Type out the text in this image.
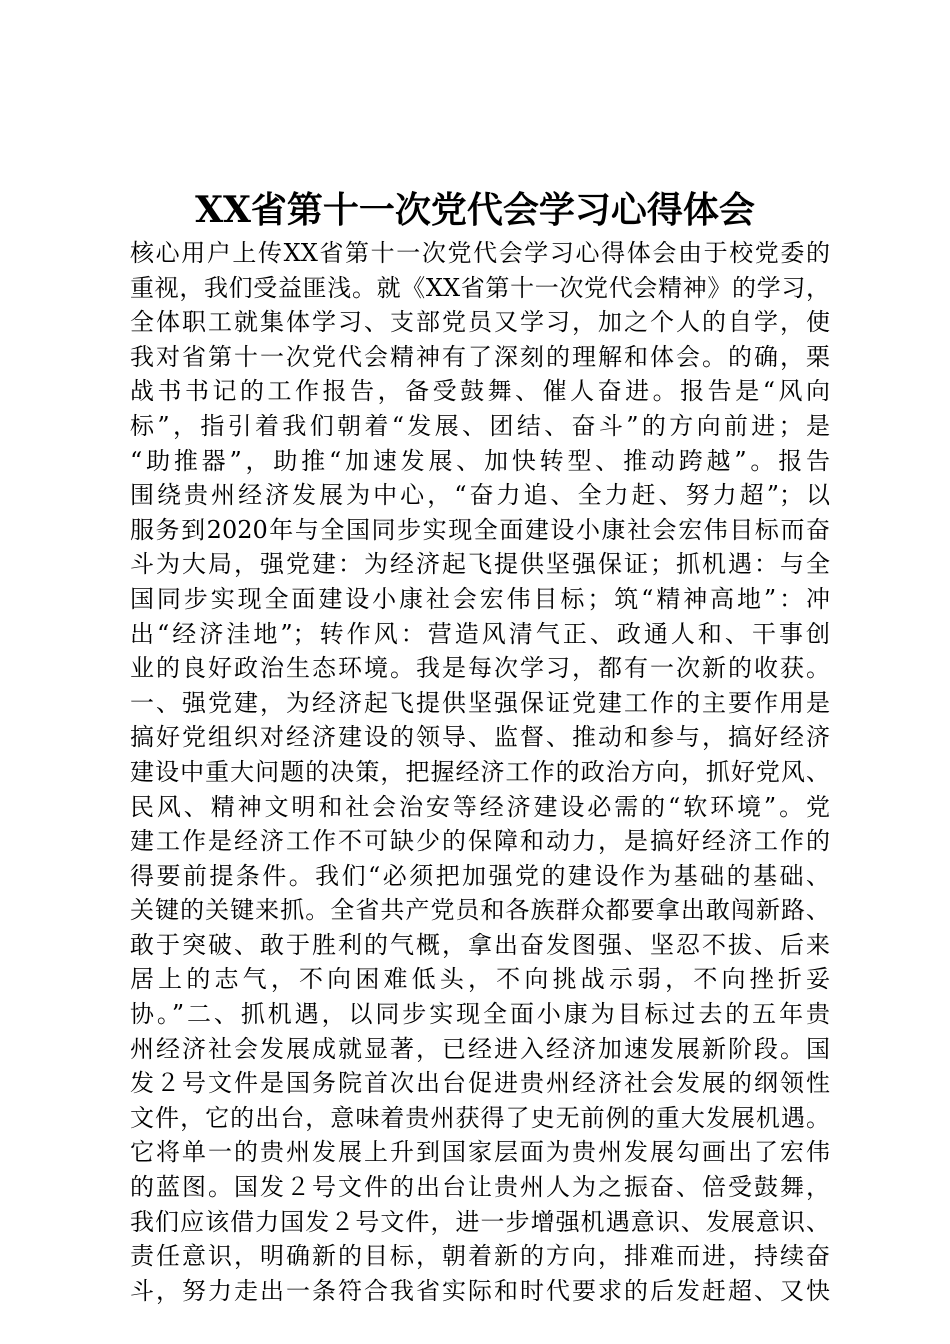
XX省第十一次党代会学习心得体会
核心用户上传XX省第十一次党代会学习心得体会由于校党委的
重视，我们受益匪浅。就《XX省第十一次党代会精神》的学习，
全体职工就集体学习、支部党员又学习，加之个人的自学，使
我对省第十一次党代会精神有了深刻的理解和体会。的确，栗
战书书记的工作报告，备受鼓舞、催人奋进。报告是“风向
标”，指引着我们朝着“发展、团结、奋斗”的方向前进；是
“助推器”，助推“加速发展、加快转型、推动跨越”。报告
围绕贵州经济发展为中心，“奋力追、全力赶、努力超”；以
服务到2020年与全国同步实现全面建设小康社会宏伟目标而奋
斗为大局，强党建：为经济起飞提供坚强保证；抓机遇：与全
国同步实现全面建设小康社会宏伟目标；筑“精神高地”：冲
出“经济洼地”；转作风：营造风清气正、政通人和、干事创
业的良好政治生态环境。我是每次学习，都有一次新的收获。
一、强党建，为经济起飞提供坚强保证党建工作的主要作用是
搞好党组织对经济建设的领导、监督、推动和参与，搞好经济
建设中重大问题的决策，把握经济工作的政治方向，抓好党风、
民风、精神文明和社会治安等经济建设必需的“软环境”。党
建工作是经济工作不可缺少的保障和动力，是搞好经济工作的
得要前提条件。我们“必须把加强党的建设作为基础的基础、
关键的关键来抓。全省共产党员和各族群众都要拿出敢闯新路、
敢于突破、敢于胜利的气概，拿出奋发图强、坚忍不拔、后来
居上的志气，不向困难低头，不向挑战示弱，不向挫折妥
协。”二、抓机遇，以同步实现全面小康为目标过去的五年贵
州经济社会发展成就显著，已经进入经济加速发展新阶段。国
发２号文件是国务院首次出台促进贵州经济社会发展的纲领性
文件，它的出台，意味着贵州获得了史无前例的重大发展机遇。
它将单一的贵州发展上升到国家层面为贵州发展勾画出了宏伟
的蓝图。国发２号文件的出台让贵州人为之振奋、倍受鼓舞，
我们应该借力国发２号文件，进一步增强机遇意识、发展意识、
责任意识，明确新的目标，朝着新的方向，排难而进，持续奋
斗，努力走出一条符合我省实际和时代要求的后发赶超、又快
